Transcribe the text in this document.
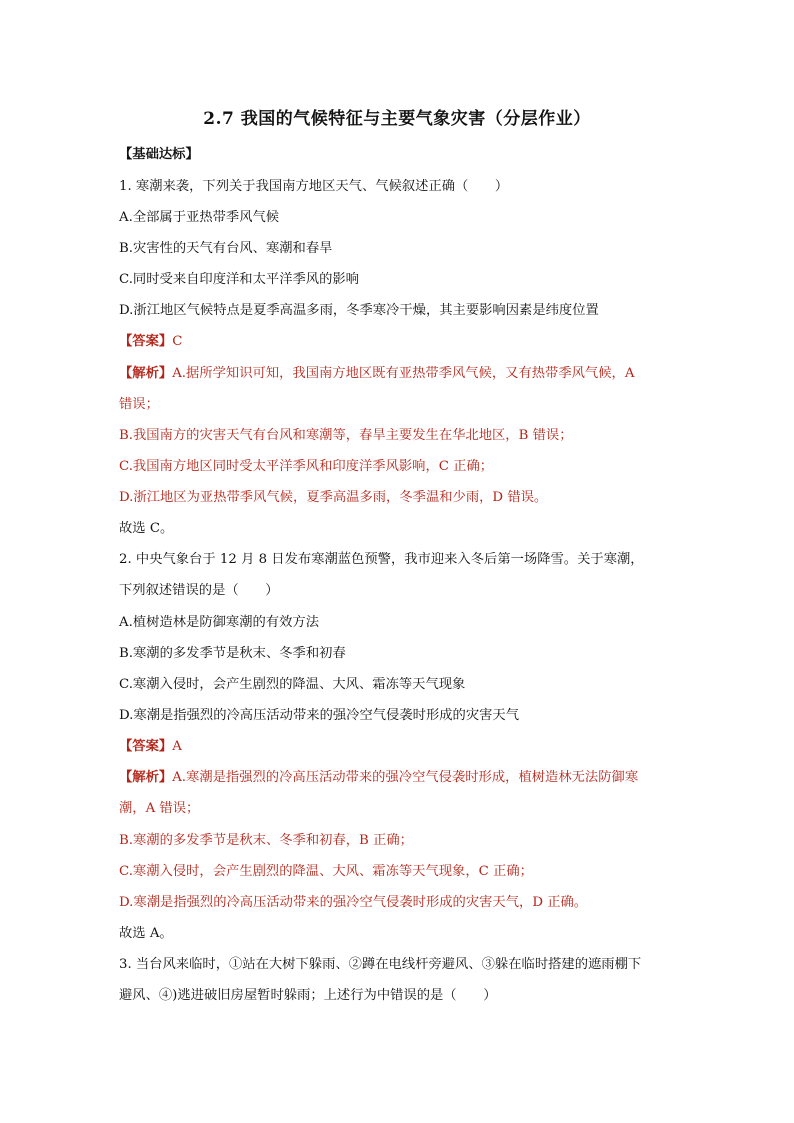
2.7 我国的气候特征与主要气象灾害（分层作业）
【基础达标】
1. 寒潮来袭，下列关于我国南方地区天气、气候叙述正确（　　）
A.全部属于亚热带季风气候
B.灾害性的天气有台风、寒潮和春旱
C.同时受来自印度洋和太平洋季风的影响
D.浙江地区气候特点是夏季高温多雨，冬季寒冷干燥，其主要影响因素是纬度位置
【答案】C
【解析】A.据所学知识可知，我国南方地区既有亚热带季风气候，又有热带季风气候，A
错误；
B.我国南方的灾害天气有台风和寒潮等，春旱主要发生在华北地区，B 错误；
C.我国南方地区同时受太平洋季风和印度洋季风影响，C 正确；
D.浙江地区为亚热带季风气候，夏季高温多雨，冬季温和少雨，D 错误。
故选 C。
2. 中央气象台于 12 月 8 日发布寒潮蓝色预警，我市迎来入冬后第一场降雪。关于寒潮，
下列叙述错误的是（　　）
A.植树造林是防御寒潮的有效方法
B.寒潮的多发季节是秋末、冬季和初春
C.寒潮入侵时，会产生剧烈的降温、大风、霜冻等天气现象
D.寒潮是指强烈的冷高压活动带来的强冷空气侵袭时形成的灾害天气
【答案】A
【解析】A.寒潮是指强烈的冷高压活动带来的强冷空气侵袭时形成，植树造林无法防御寒
潮，A 错误；
B.寒潮的多发季节是秋末、冬季和初春，B 正确；
C.寒潮入侵时，会产生剧烈的降温、大风、霜冻等天气现象，C 正确；
D.寒潮是指强烈的冷高压活动带来的强冷空气侵袭时形成的灾害天气，D 正确。
故选 A。
3. 当台风来临时，①站在大树下躲雨、②蹲在电线杆旁避风、③躲在临时搭建的遮雨棚下
避风、④)逃进破旧房屋暂时躲雨；上述行为中错误的是（　　）
